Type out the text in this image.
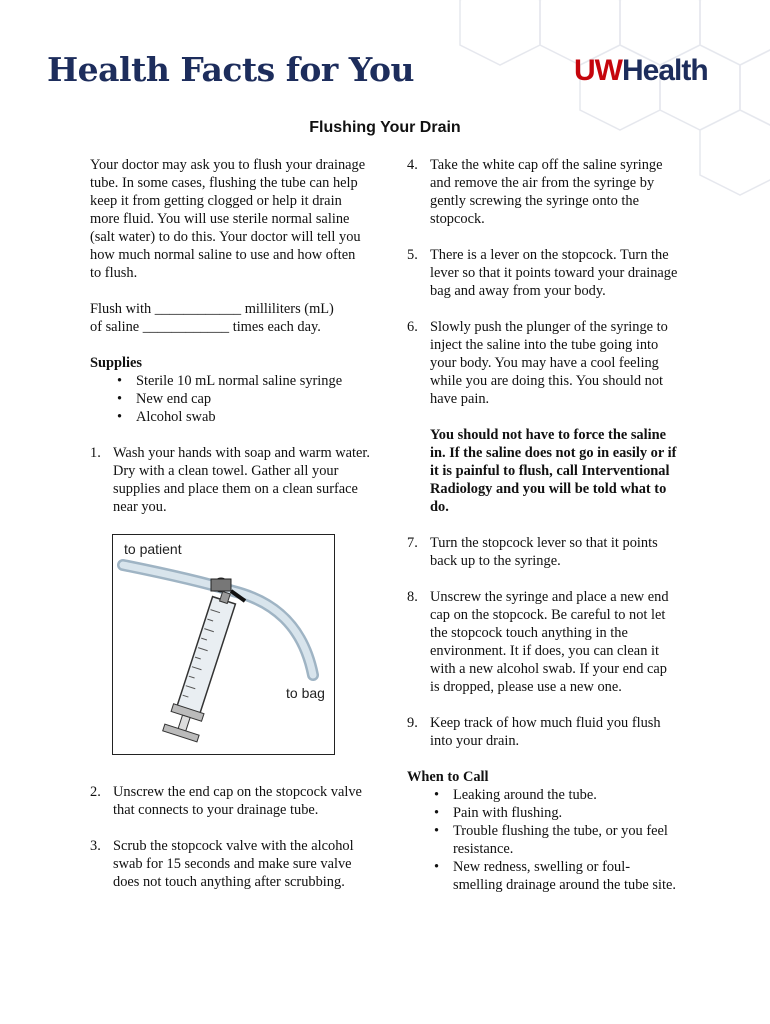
Health Facts for You	UWHealth
Flushing Your Drain

Your doctor may ask you to flush your drainage tube. In some cases, flushing the tube can help keep it from getting clogged or help it drain more fluid. You will use sterile normal saline (salt water) to do this. Your doctor will tell you how much normal saline to use and how often to flush.

Flush with ____________ milliliters (mL)

of saline ____________ times each day.

Supplies

• Sterile 10 mL normal saline syringe
• New end cap
• Alcohol swab
1. Wash your hands with soap and warm water. Dry with a clean towel. Gather all your supplies and place them on a clean surface near you.
to patient
to bag
2. Unscrew the end cap on the stopcock valve that connects to your drainage tube.
3. Scrub the stopcock valve with the alcohol swab for 15 seconds and make sure valve does not touch anything after scrubbing.
4. Take the white cap off the saline syringe and remove the air from the syringe by gently screwing the syringe onto the stopcock.
5. There is a lever on the stopcock. Turn the lever so that it points toward your drainage bag and away from your body.
6. Slowly push the plunger of the syringe to inject the saline into the tube going into your body. You may have a cool feeling while you are doing this. You should not have pain.
You should not have to force the saline in. If the saline does not go in easily or if it is painful to flush, call Interventional Radiology and you will be told what to do.
7. Turn the stopcock lever so that it points back up to the syringe.
8. Unscrew the syringe and place a new end cap on the stopcock. Be careful to not let the stopcock touch anything in the environment. It if does, you can clean it with a new alcohol swab. If your end cap is dropped, please use a new one.
9. Keep track of how much fluid you flush into your drain.

When to Call

• Leaking around the tube.
• Pain with flushing.
• Trouble flushing the tube, or you feel resistance.
• New redness, swelling or foul-smelling drainage around the tube site.
